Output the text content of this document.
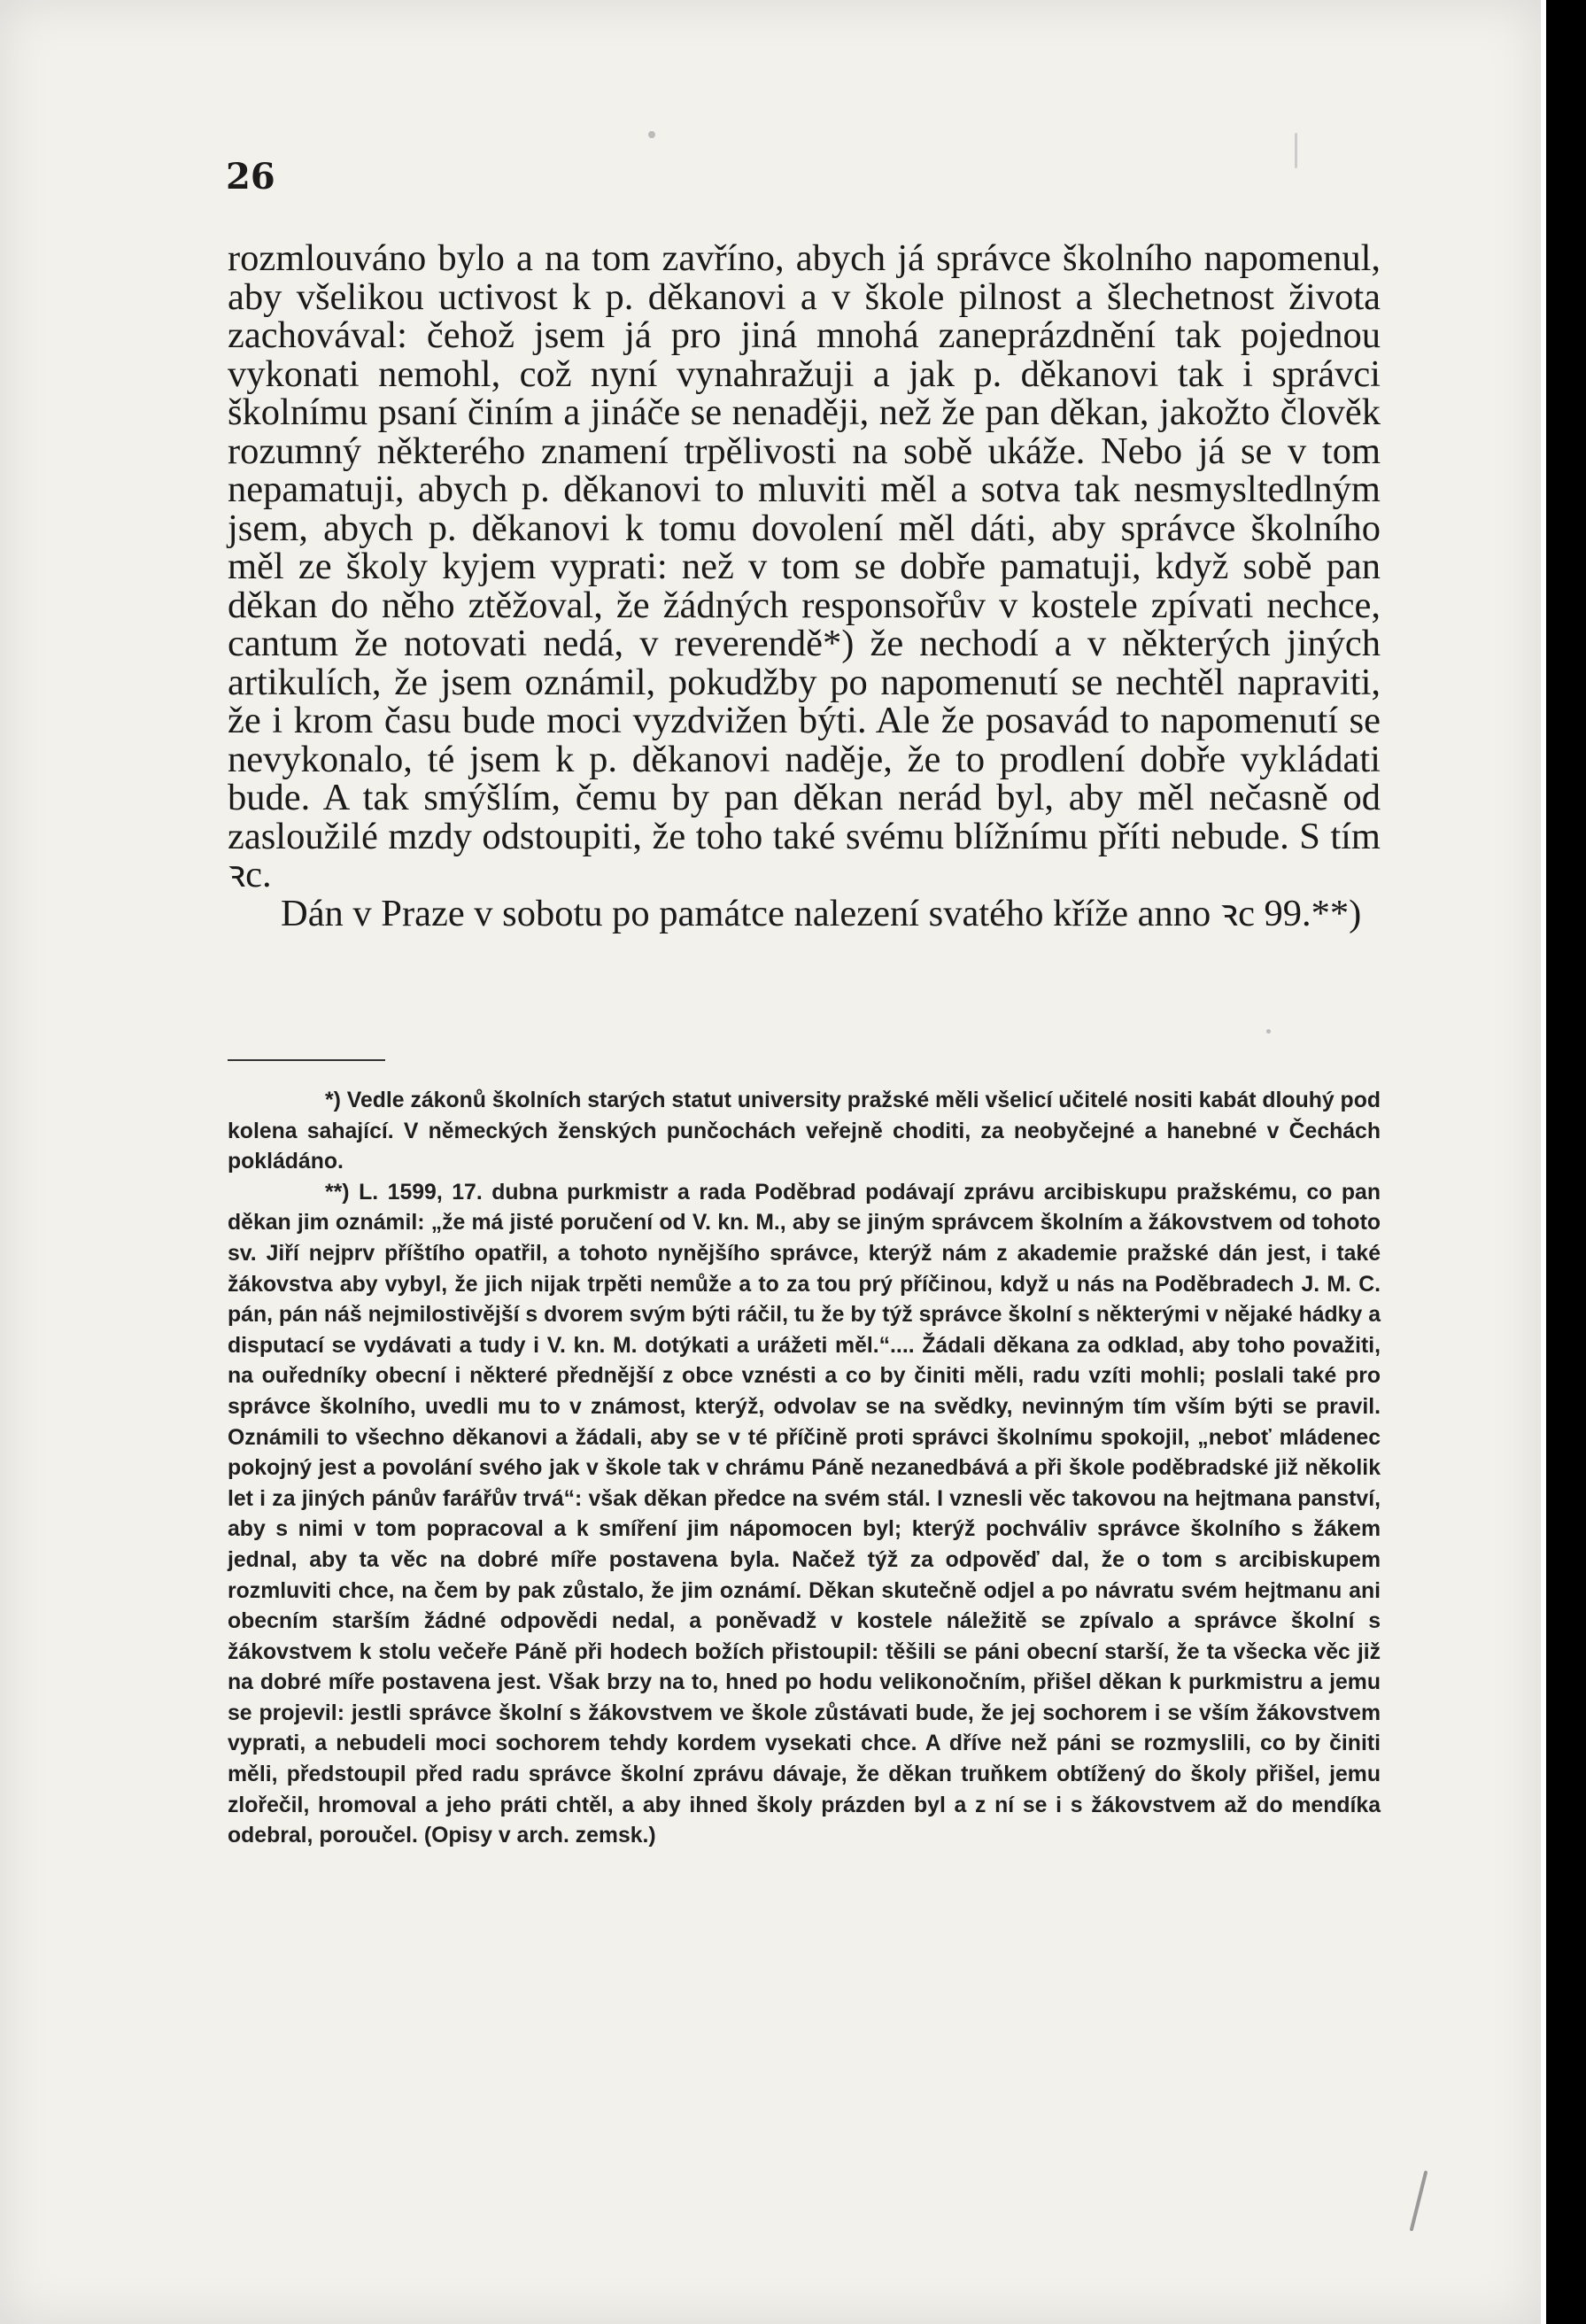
26

rozmlouváno bylo a na tom zavříno, abych já správce školního napomenul, aby všelikou uctivost k p. děkanovi a v škole pilnost a šlechetnost života zachovával: čehož jsem já pro jiná mnohá zaneprázdnění tak pojednou vykonati nemohl, což nyní vynahražuji a jak p. děkanovi tak i správci školnímu psaní činím a jináče se nenaději, než že pan děkan, jakožto člověk rozumný některého znamení trpělivosti na sobě ukáže. Nebo já se v tom nepamatuji, abych p. děkanovi to mluviti měl a sotva tak nesmysltedlným jsem, abych p. děkanovi k tomu dovolení měl dáti, aby správce školního měl ze školy kyjem vyprati: než v tom se dobře pamatuji, když sobě pan děkan do něho ztěžoval, že žádných responsořův v kostele zpívati nechce, cantum že notovati nedá, v reverendě*) že nechodí a v některých jiných artikulích, že jsem oznámil, pokudžby po napomenutí se nechtěl napraviti, že i krom času bude moci vyzdvižen býti. Ale že posavád to napomenutí se nevykonalo, té jsem k p. děkanovi naděje, že to prodlení dobře vykládati bude. A tak smýšlím, čemu by pan děkan nerád byl, aby měl nečasně od zasloužilé mzdy odstoupiti, že toho také svému blížnímu příti nebude. S tím ꝛc.

Dán v Praze v sobotu po památce nalezení svatého kříže anno ꝛc 99.**)

*) Vedle zákonů školních starých statut university pražské měli všelicí učitelé nositi kabát dlouhý pod kolena sahající. V německých ženských punčochách veřejně choditi, za neobyčejné a hanebné v Čechách pokládáno.

**) L. 1599, 17. dubna purkmistr a rada Poděbrad podávají zprávu arcibiskupu pražskému, co pan děkan jim oznámil: „že má jisté poručení od V. kn. M., aby se jiným správcem školním a žákovstvem od tohoto sv. Jiří nejprv příštího opatřil, a tohoto nynějšího správce, kterýž nám z akademie pražské dán jest, i také žákovstva aby vybyl, že jich nijak trpěti nemůže a to za tou prý příčinou, když u nás na Poděbradech J. M. C. pán, pán náš nejmilostivější s dvorem svým býti ráčil, tu že by týž správce školní s některými v nějaké hádky a disputací se vydávati a tudy i V. kn. M. dotýkati a urážeti měl.“.... Žádali děkana za odklad, aby toho považiti, na ouředníky obecní i některé přednější z obce vznésti a co by činiti měli, radu vzíti mohli; poslali také pro správce školního, uvedli mu to v známost, kterýž, odvolav se na svědky, nevinným tím vším býti se pravil. Oznámili to všechno děkanovi a žádali, aby se v té příčině proti správci školnímu spokojil, „neboť mládenec pokojný jest a povolání svého jak v škole tak v chrámu Páně nezanedbává a při škole poděbradské již několik let i za jiných pánův farářův trvá“: však děkan předce na svém stál. I vznesli věc takovou na hejtmana panství, aby s nimi v tom popracoval a k smíření jim nápomocen byl; kterýž pochváliv správce školního s žákem jednal, aby ta věc na dobré míře postavena byla. Načež týž za odpověď dal, že o tom s arcibiskupem rozmluviti chce, na čem by pak zůstalo, že jim oznámí. Děkan skutečně odjel a po návratu svém hejtmanu ani obecním starším žádné odpovědi nedal, a poněvadž v kostele náležitě se zpívalo a správce školní s žákovstvem k stolu večeře Páně při hodech božích přistoupil: těšili se páni obecní starší, že ta všecka věc již na dobré míře postavena jest. Však brzy na to, hned po hodu velikonočním, přišel děkan k purkmistru a jemu se projevil: jestli správce školní s žákovstvem ve škole zůstávati bude, že jej sochorem i se vším žákovstvem vyprati, a nebudeli moci sochorem tehdy kordem vysekati chce. A dříve než páni se rozmyslili, co by činiti měli, předstoupil před radu správce školní zprávu dávaje, že děkan truňkem obtížený do školy přišel, jemu zlořečil, hromoval a jeho práti chtěl, a aby ihned školy prázden byl a z ní se i s žákovstvem až do mendíka odebral, poroučel. (Opisy v arch. zemsk.)
